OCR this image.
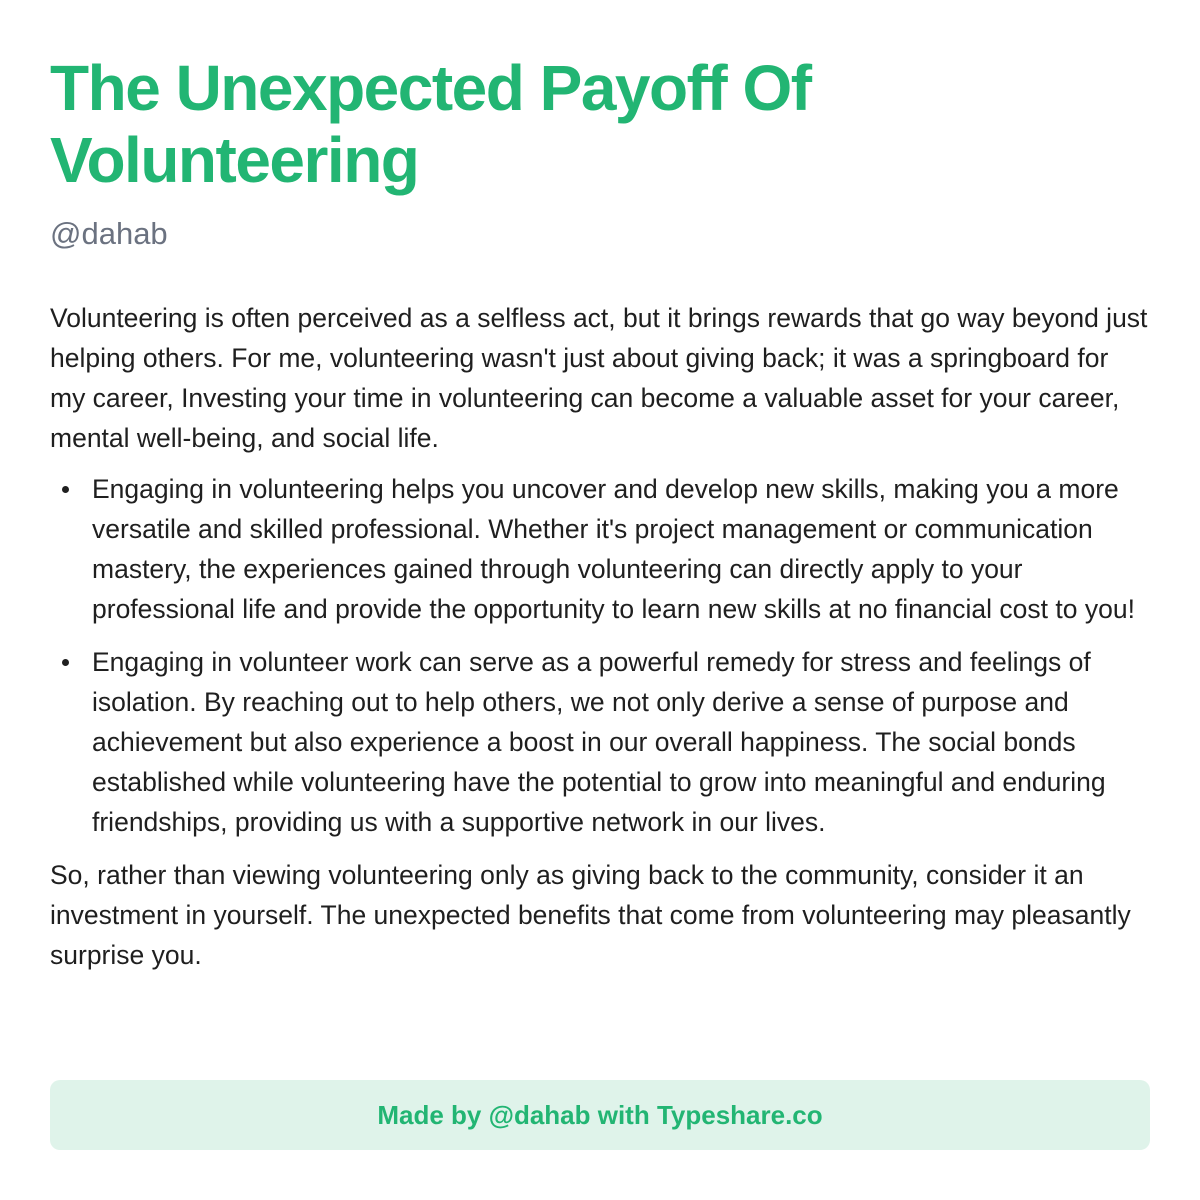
The Unexpected Payoff Of Volunteering
@dahab

Volunteering is often perceived as a selfless act, but it brings rewards that go way beyond just helping others. For me, volunteering wasn't just about giving back; it was a springboard for my career, Investing your time in volunteering can become a valuable asset for your career, mental well-being, and social life.

Engaging in volunteering helps you uncover and develop new skills, making you a more versatile and skilled professional. Whether it's project management or communication mastery, the experiences gained through volunteering can directly apply to your professional life and provide the opportunity to learn new skills at no financial cost to you!
Engaging in volunteer work can serve as a powerful remedy for stress and feelings of isolation. By reaching out to help others, we not only derive a sense of purpose and achievement but also experience a boost in our overall happiness. The social bonds established while volunteering have the potential to grow into meaningful and enduring friendships, providing us with a supportive network in our lives.

So, rather than viewing volunteering only as giving back to the community, consider it an investment in yourself. The unexpected benefits that come from volunteering may pleasantly surprise you.

Made by @dahab with Typeshare.co
